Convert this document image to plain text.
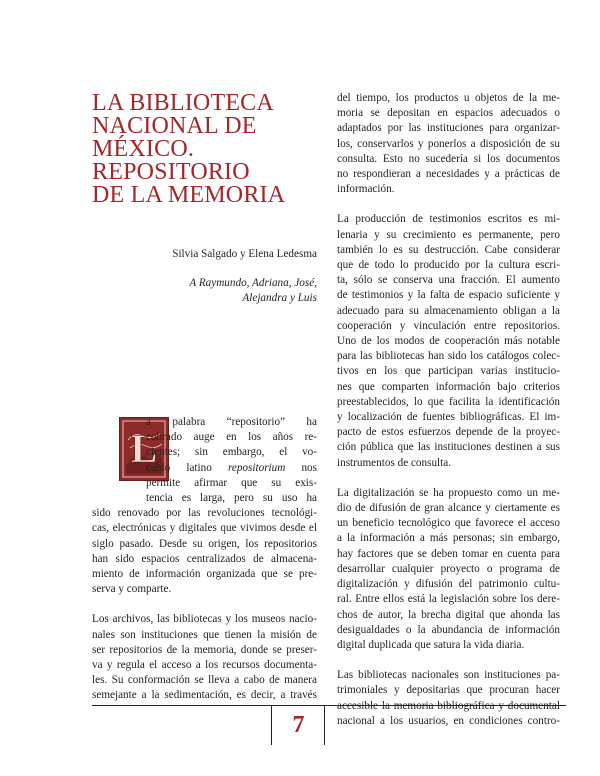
LA BIBLIOTECA
NACIONAL DE
MÉXICO.
REPOSITORIO
DE LA MEMORIA
Silvia Salgado y Elena Ledesma
A Raymundo, Adriana, José,
Alejandra y Luis
L

a palabra “repositorio” ha
cobrado auge en los años re-
cientes; sin embargo, el vo-
cablo latino repositorium nos
permite afirmar que su exis-
tencia es larga, pero su uso ha
sido renovado por las revoluciones tecnológi-
cas, electrónicas y digitales que vivimos desde el
siglo pasado. Desde su origen, los repositorios
han sido espacios centralizados de almacena-
miento de información organizada que se pre-
serva y comparte.

Los archivos, las bibliotecas y los museos nacio-
nales son instituciones que tienen la misión de
ser repositorios de la memoria, donde se preser-
va y regula el acceso a los recursos documenta-
les. Su conformación se lleva a cabo de manera
semejante a la sedimentación, es decir, a través

del tiempo, los productos u objetos de la me-
moria se depositan en espacios adecuados o
adaptados por las instituciones para organizar-
los, conservarlos y ponerlos a disposición de su
consulta. Esto no sucedería si los documentos
no respondieran a necesidades y a prácticas de
información.

La producción de testimonios escritos es mi-
lenaria y su crecimiento es permanente, pero
también lo es su destrucción. Cabe considerar
que de todo lo producido por la cultura escri-
ta, sólo se conserva una fracción. El aumento
de testimonios y la falta de espacio suficiente y
adecuado para su almacenamiento obligan a la
cooperación y vinculación entre repositorios.
Uno de los modos de cooperación más notable
para las bibliotecas han sido los catálogos colec-
tivos en los que participan varias institucio-
nes que comparten información bajo criterios
preestablecidos, lo que facilita la identificación
y localización de fuentes bibliográficas. El im-
pacto de estos esfuerzos depende de la proyec-
ción pública que las instituciones destinen a sus
instrumentos de consulta.

La digitalización se ha propuesto como un me-
dio de difusión de gran alcance y ciertamente es
un beneficio tecnológico que favorece el acceso
a la información a más personas; sin embargo,
hay factores que se deben tomar en cuenta para
desarrollar cualquier proyecto o programa de
digitalización y difusión del patrimonio cultu-
ral. Entre ellos está la legislación sobre los dere-
chos de autor, la brecha digital que ahonda las
desigualdades o la abundancia de información
digital duplicada que satura la vida diaria.

Las bibliotecas nacionales son instituciones pa-
trimoniales y depositarias que procuran hacer
accesible la memoria bibliográfica y documental
nacional a los usuarios, en condiciones contro-

7
